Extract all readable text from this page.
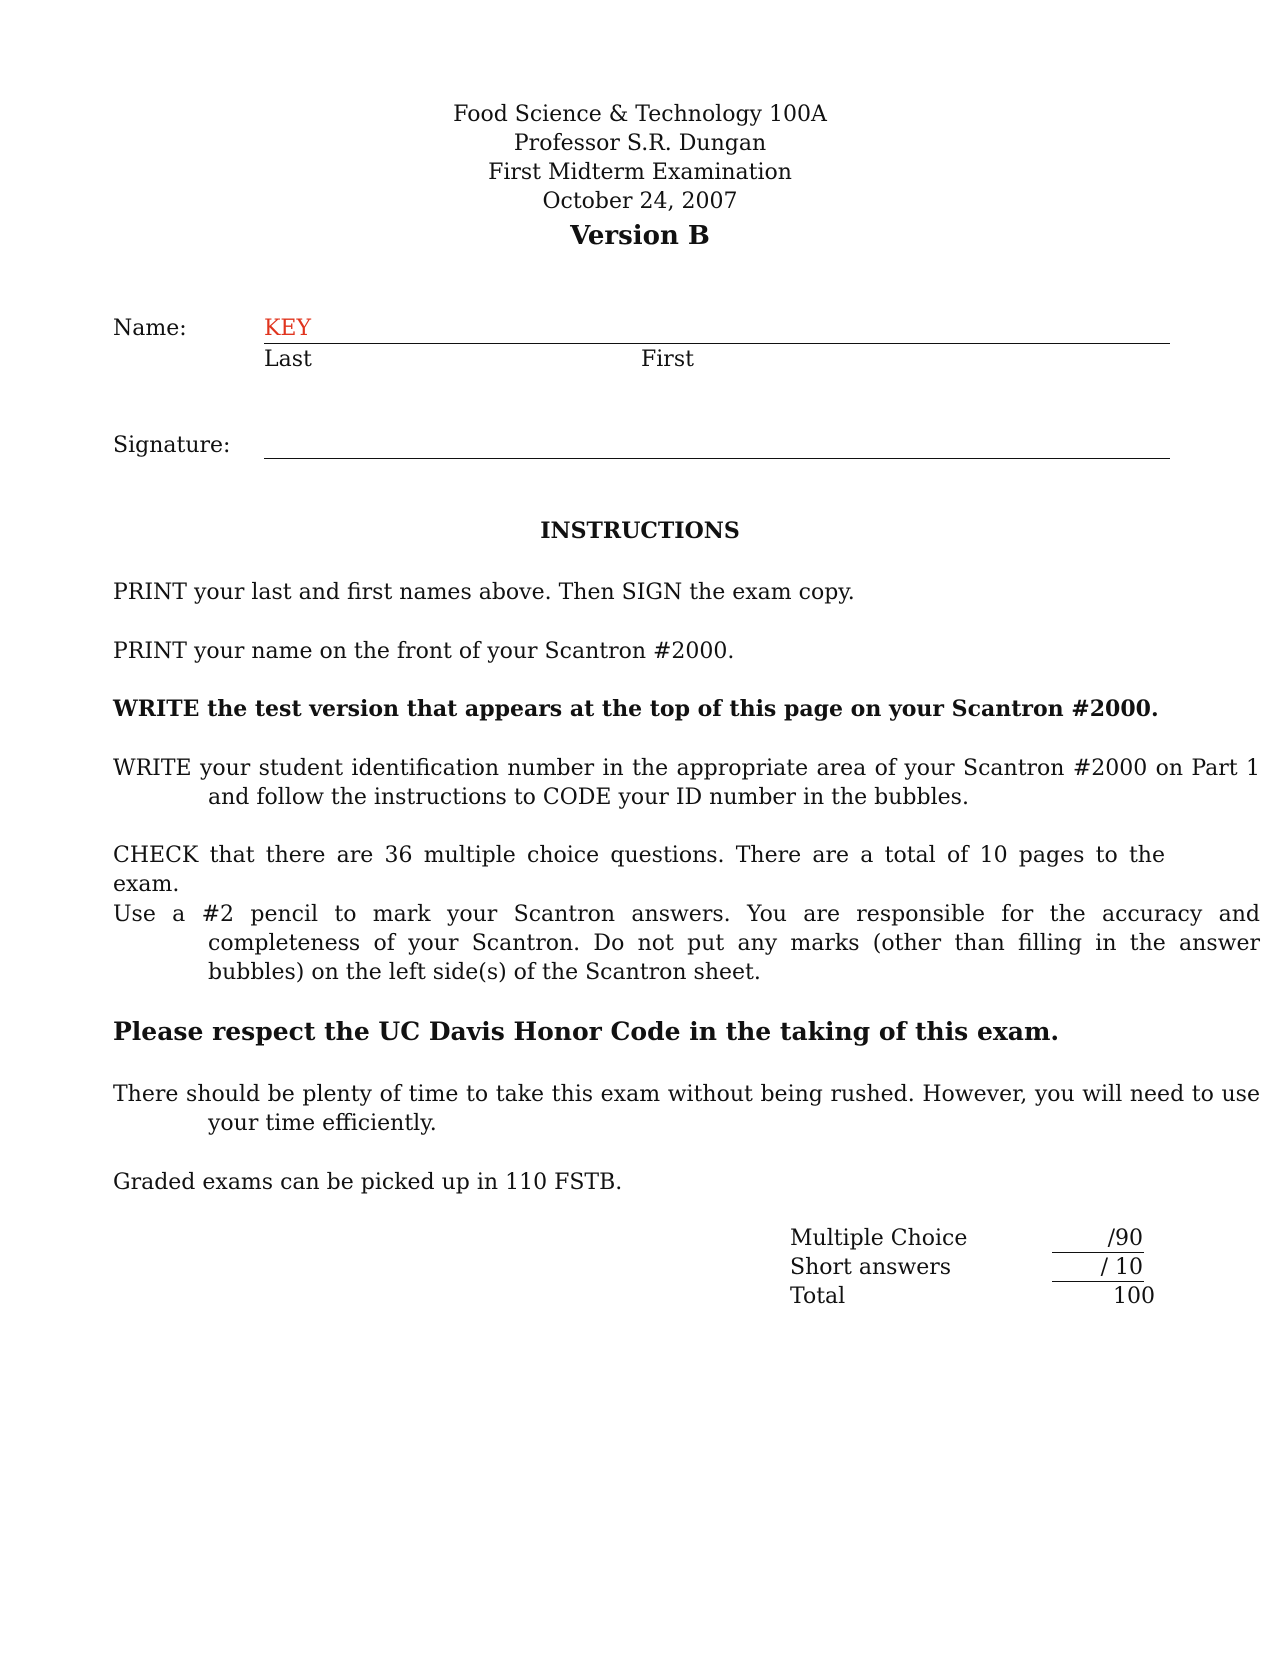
Food Science & Technology 100A
Professor S.R. Dungan
First Midterm Examination
October 24, 2007
Version B
Name:	KEY
Last	First
Signature:
INSTRUCTIONS
PRINT your last and first names above. Then SIGN the exam copy.
PRINT your name on the front of your Scantron #2000.
WRITE the test version that appears at the top of this page on your Scantron #2000.
WRITE your student identification number in the appropriate area of your Scantron #2000 on Part 1 and follow the instructions to CODE your ID number in the bubbles.
CHECK that there are 36 multiple choice questions. There are a total of 10 pages to the exam.
Use a #2 pencil to mark your Scantron answers. You are responsible for the accuracy and completeness of your Scantron. Do not put any marks (other than filling in the answer bubbles) on the left side(s) of the Scantron sheet.
Please respect the UC Davis Honor Code in the taking of this exam.
There should be plenty of time to take this exam without being rushed. However, you will need to use your time efficiently.
Graded exams can be picked up in 110 FSTB.
Multiple Choice	/90
Short answers	/ 10
Total	100
